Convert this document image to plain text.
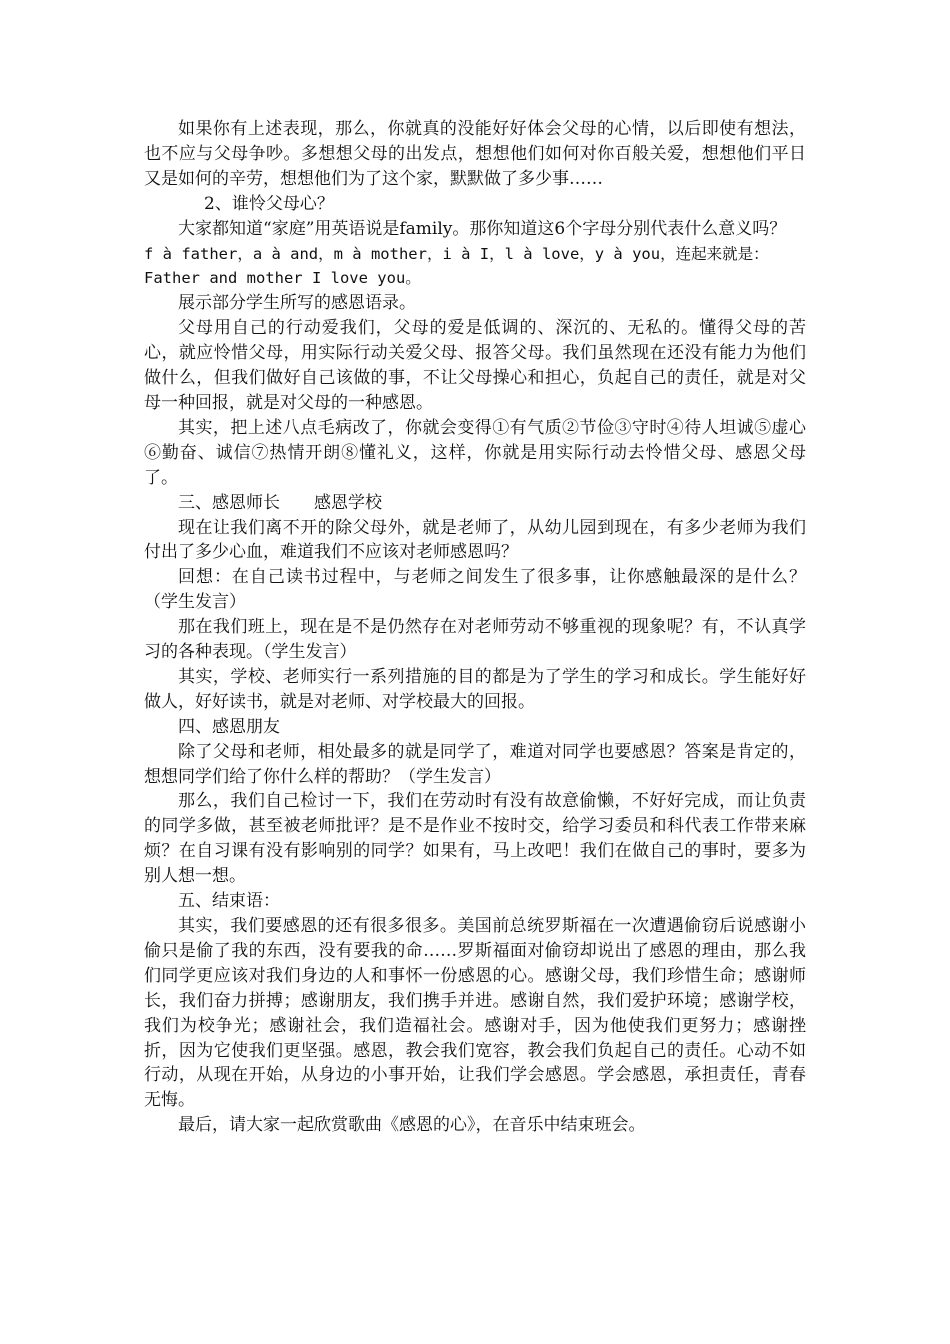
如果你有上述表现，那么，你就真的没能好好体会父母的心情，以后即使有想法，也不应与父母争吵。多想想父母的出发点，想想他们如何对你百般关爱，想想他们平日又是如何的辛劳，想想他们为了这个家，默默做了多少事……

2、谁怜父母心？

大家都知道“家庭”用英语说是family。那你知道这6个字母分别代表什么意义吗？

f à father，a à and，m à mother，i à I，l à love，y à you，连起来就是：Father and mother I love you。

展示部分学生所写的感恩语录。

父母用自己的行动爱我们，父母的爱是低调的、深沉的、无私的。懂得父母的苦心，就应怜惜父母，用实际行动关爱父母、报答父母。我们虽然现在还没有能力为他们做什么，但我们做好自己该做的事，不让父母操心和担心，负起自己的责任，就是对父母一种回报，就是对父母的一种感恩。

其实，把上述八点毛病改了，你就会变得①有气质②节俭③守时④待人坦诚⑤虚心⑥勤奋、诚信⑦热情开朗⑧懂礼义，这样，你就是用实际行动去怜惜父母、感恩父母了。

三、感恩师长　　感恩学校

现在让我们离不开的除父母外，就是老师了，从幼儿园到现在，有多少老师为我们付出了多少心血，难道我们不应该对老师感恩吗？

回想：在自己读书过程中，与老师之间发生了很多事，让你感触最深的是什么？（学生发言）

那在我们班上，现在是不是仍然存在对老师劳动不够重视的现象呢？有，不认真学习的各种表现。（学生发言）

其实，学校、老师实行一系列措施的目的都是为了学生的学习和成长。学生能好好做人，好好读书，就是对老师、对学校最大的回报。

四、感恩朋友

除了父母和老师，相处最多的就是同学了，难道对同学也要感恩？答案是肯定的，想想同学们给了你什么样的帮助？（学生发言）

那么，我们自己检讨一下，我们在劳动时有没有故意偷懒，不好好完成，而让负责的同学多做，甚至被老师批评？是不是作业不按时交，给学习委员和科代表工作带来麻烦？在自习课有没有影响别的同学？如果有，马上改吧！我们在做自己的事时，要多为别人想一想。

五、结束语：

其实，我们要感恩的还有很多很多。美国前总统罗斯福在一次遭遇偷窃后说感谢小偷只是偷了我的东西，没有要我的命……罗斯福面对偷窃却说出了感恩的理由，那么我们同学更应该对我们身边的人和事怀一份感恩的心。感谢父母，我们珍惜生命；感谢师长，我们奋力拼搏；感谢朋友，我们携手并进。感谢自然，我们爱护环境；感谢学校，我们为校争光；感谢社会，我们造福社会。感谢对手，因为他使我们更努力；感谢挫折，因为它使我们更坚强。感恩，教会我们宽容，教会我们负起自己的责任。心动不如行动，从现在开始，从身边的小事开始，让我们学会感恩。学会感恩，承担责任，青春无悔。

最后，请大家一起欣赏歌曲《感恩的心》，在音乐中结束班会。
